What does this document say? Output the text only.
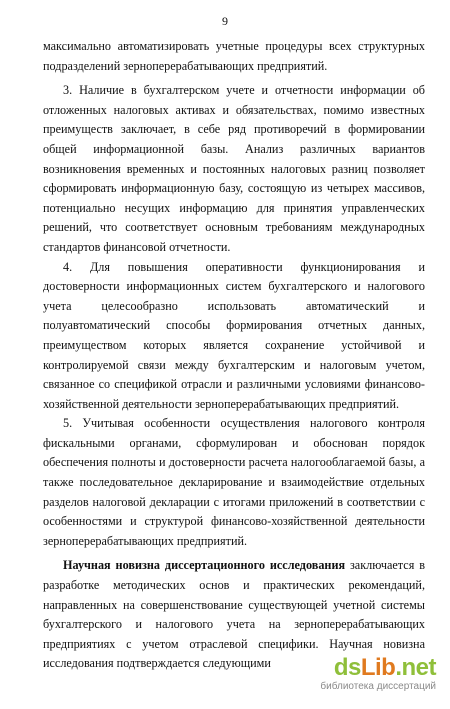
9

максимально автоматизировать учетные процедуры всех структурных подразделений зерноперерабатывающих предприятий.

3. Наличие в бухгалтерском учете и отчетности информации об отложенных налоговых активах и обязательствах, помимо известных преимуществ заключает, в себе ряд противоречий в формировании общей информационной базы. Анализ различных вариантов возникновения временных и постоянных налоговых разниц позволяет сформировать информационную базу, состоящую из четырех массивов, потенциально несущих информацию для принятия управленческих решений, что соответствует основным требованиям международных стандартов финансовой отчетности.

4. Для повышения оперативности функционирования и достоверности информационных систем бухгалтерского и налогового учета целесообразно использовать автоматический и полуавтоматический способы формирования отчетных данных, преимуществом которых является сохранение устойчивой и контролируемой связи между бухгалтерским и налоговым учетом, связанное со спецификой отрасли и различными условиями финансово-хозяйственной деятельности зерноперерабатывающих предприятий.

5. Учитывая особенности осуществления налогового контроля фискальными органами, сформулирован и обоснован порядок обеспечения полноты и достоверности расчета налогооблагаемой базы, а также последовательное декларирование и взаимодействие отдельных разделов налоговой декларации с итогами приложений в соответствии с особенностями и структурой финансово-хозяйственной деятельности зерноперерабатывающих предприятий.

Научная новизна диссертационного исследования заключается в разработке методических основ и практических рекомендаций, направленных на совершенствование существующей учетной системы бухгалтерского и налогового учета на зерноперерабатывающих предприятиях с учетом отраслевой специфики. Научная новизна исследования подтверждается следующими	dsLib.net
библиотека диссертаций
